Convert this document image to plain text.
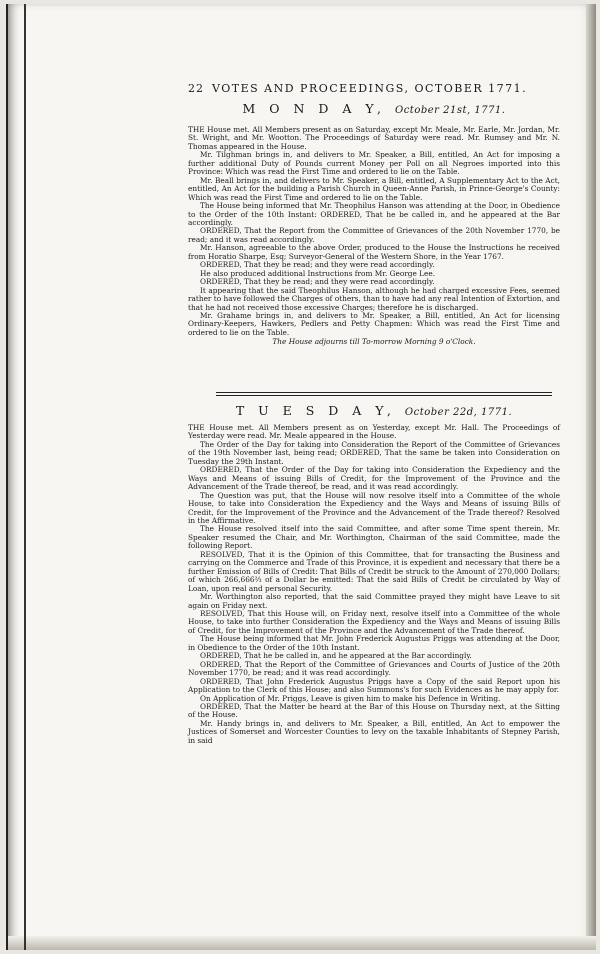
22 VOTES AND PROCEEDINGS, OCTOBER 1771.

M O N D A Y, October 21st, 1771.

THE House met. All Members present as on Saturday, except Mr. Meale, Mr. Earle, Mr. Jordan, Mr. St. Wright, and Mr. Wootton. The Proceedings of Saturday were read. Mr. Rumsey and Mr. N. Thomas appeared in the House.

Mr. Tilghman brings in, and delivers to Mr. Speaker, a Bill, entitled, An Act for imposing a further additional Duty of Pounds current Money per Poll on all Negroes imported into this Province: Which was read the First Time and ordered to lie on the Table.

Mr. Beall brings in, and delivers to Mr. Speaker, a Bill, entitled, A Supplementary Act to the Act, entitled, An Act for the building a Parish Church in Queen-Anne Parish, in Prince-George's County: Which was read the First Time and ordered to lie on the Table.

The House being informed that Mr. Theophilus Hanson was attending at the Door, in Obedience to the Order of the 10th Instant: ORDERED, That he be called in, and he appeared at the Bar accordingly.

ORDERED, That the Report from the Committee of Grievances of the 20th November 1770, be read; and it was read accordingly.

Mr. Hanson, agreeable to the above Order, produced to the House the Instructions he received from Horatio Sharpe, Esq; Surveyor-General of the Western Shore, in the Year 1767.

ORDERED, That they be read; and they were read accordingly.

He also produced additional Instructions from Mr. George Lee.

ORDERED, That they be read; and they were read accordingly.

It appearing that the said Theophilus Hanson, although he had charged excessive Fees, seemed rather to have followed the Charges of others, than to have had any real Intention of Extortion, and that he had not received those excessive Charges; therefore he is discharged.

Mr. Grahame brings in, and delivers to Mr. Speaker, a Bill, entitled, An Act for licensing Ordinary-Keepers, Hawkers, Pedlers and Petty Chapmen: Which was read the First Time and ordered to lie on the Table.

The House adjourns till To-morrow Morning 9 o'Clock.

T U E S D A Y, October 22d, 1771.

THE House met. All Members present as on Yesterday, except Mr. Hall. The Proceedings of Yesterday were read. Mr. Meale appeared in the House.

The Order of the Day for taking into Consideration the Report of the Committee of Grievances of the 19th November last, being read; ORDERED, That the same be taken into Consideration on Tuesday the 29th Instant.

ORDERED, That the Order of the Day for taking into Consideration the Expediency and the Ways and Means of issuing Bills of Credit, for the Improvement of the Province and the Advancement of the Trade thereof, be read, and it was read accordingly.

The Question was put, that the House will now resolve itself into a Committee of the whole House, to take into Consideration the Expediency and the Ways and Means of issuing Bills of Credit, for the Improvement of the Province and the Advancement of the Trade thereof? Resolved in the Affirmative.

The House resolved itself into the said Committee, and after some Time spent therein, Mr. Speaker resumed the Chair, and Mr. Worthington, Chairman of the said Committee, made the following Report.

RESOLVED, That it is the Opinion of this Committee, that for transacting the Business and carrying on the Commerce and Trade of this Province, it is expedient and necessary that there be a further Emission of Bills of Credit: That Bills of Credit be struck to the Amount of 270,000 Dollars; of which 266,666⅔ of a Dollar be emitted: That the said Bills of Credit be circulated by Way of Loan, upon real and personal Security.

Mr. Worthington also reported, that the said Committee prayed they might have Leave to sit again on Friday next.

RESOLVED, That this House will, on Friday next, resolve itself into a Committee of the whole House, to take into further Consideration the Expediency and the Ways and Means of issuing Bills of Credit, for the Improvement of the Province and the Advancement of the Trade thereof.

The House being informed that Mr. John Frederick Augustus Priggs was attending at the Door, in Obedience to the Order of the 10th Instant.

ORDERED, That he be called in, and he appeared at the Bar accordingly.

ORDERED, That the Report of the Committee of Grievances and Courts of Justice of the 20th November 1770, be read; and it was read accordingly.

ORDERED, That John Frederick Augustus Priggs have a Copy of the said Report upon his Application to the Clerk of this House; and also Summons's for such Evidences as he may apply for.

On Application of Mr. Priggs, Leave is given him to make his Defence in Writing.

ORDERED, That the Matter be heard at the Bar of this House on Thursday next, at the Sitting of the House.

Mr. Handy brings in, and delivers to Mr. Speaker, a Bill, entitled, An Act to empower the Justices of Somerset and Worcester Counties to levy on the taxable Inhabitants of Stepney Parish, in said
